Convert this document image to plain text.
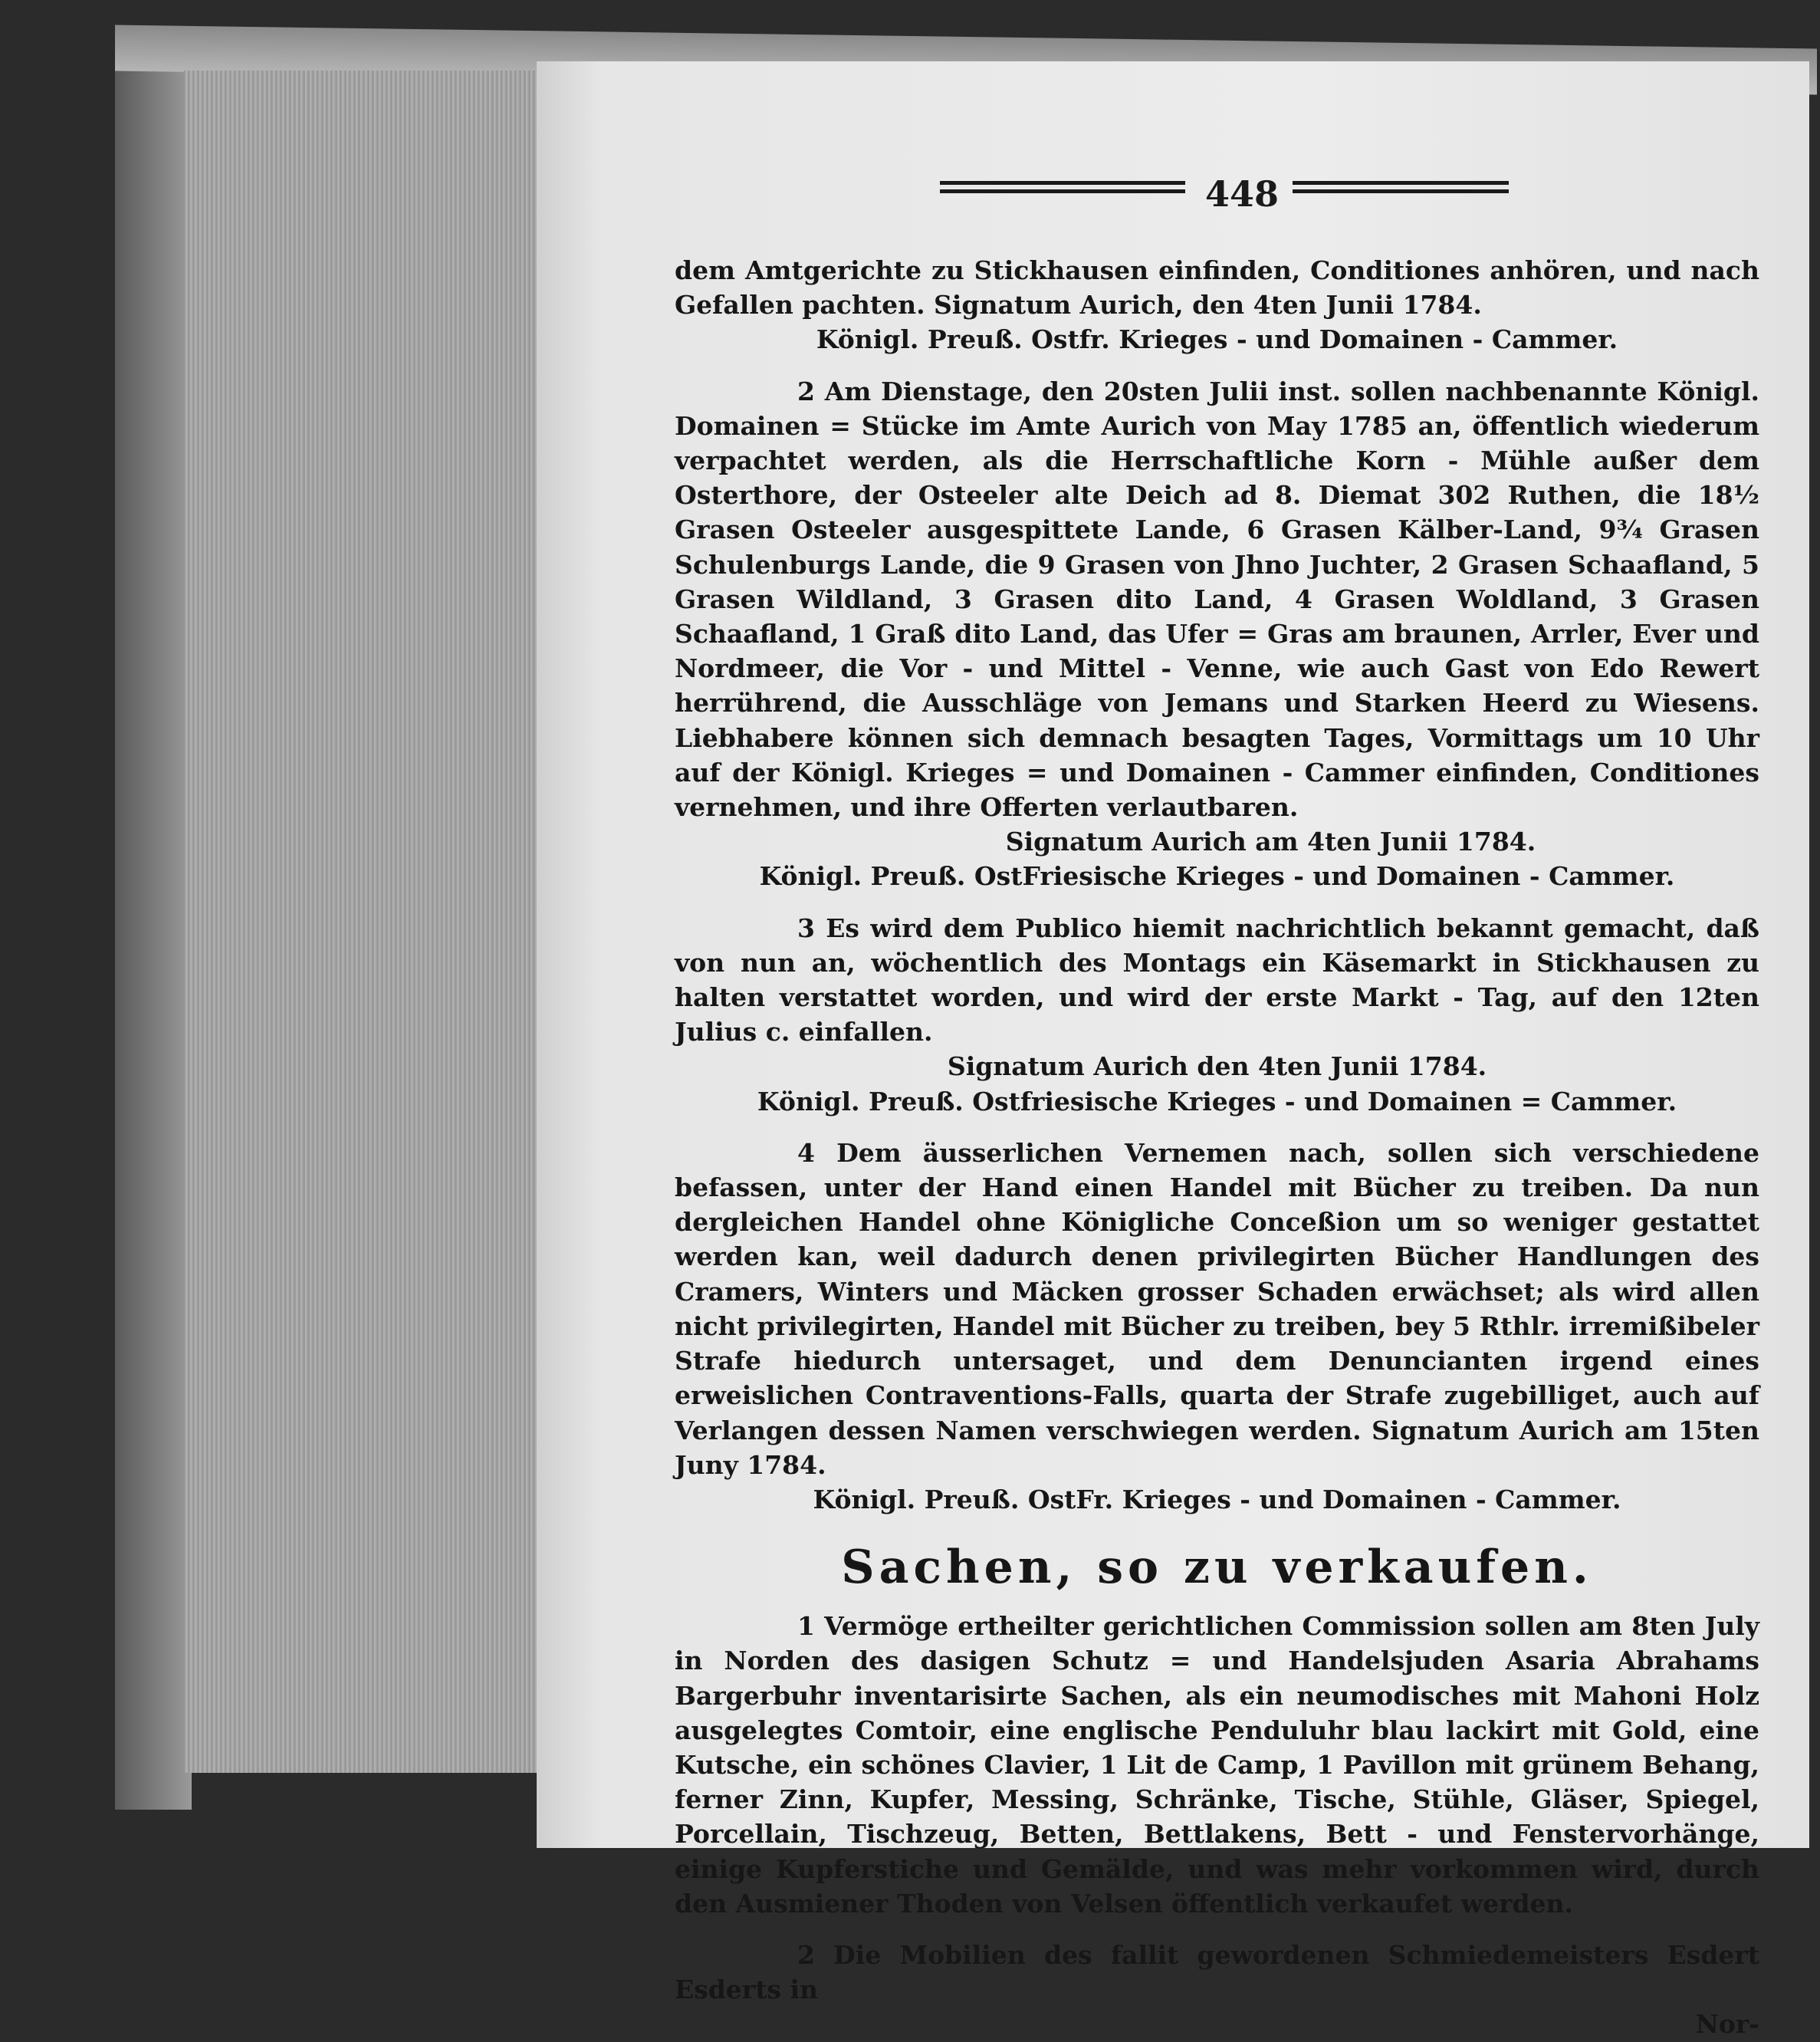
448

dem Amtgerichte zu Stickhausen einfinden, Conditiones anhören, und nach Gefallen pachten. Signatum Aurich, den 4ten Junii 1784.

Königl. Preuß. Ostfr. Krieges - und Domainen - Cammer.

2 Am Dienstage, den 20sten Julii inst. sollen nachbenannte Königl. Domainen = Stücke im Amte Aurich von May 1785 an, öffentlich wiederum verpachtet werden, als die Herrschaftliche Korn - Mühle außer dem Osterthore, der Osteeler alte Deich ad 8. Diemat 302 Ruthen, die 18½ Grasen Osteeler ausgespittete Lande, 6 Grasen Kälber-Land, 9¾ Grasen Schulenburgs Lande, die 9 Grasen von Jhno Juchter, 2 Grasen Schaafland, 5 Grasen Wildland, 3 Grasen dito Land, 4 Grasen Woldland, 3 Grasen Schaafland, 1 Graß dito Land, das Ufer = Gras am braunen, Arrler, Ever und Nordmeer, die Vor - und Mittel - Venne, wie auch Gast von Edo Rewert herrührend, die Ausschläge von Jemans und Starken Heerd zu Wiesens. Liebhabere können sich demnach besagten Tages, Vormittags um 10 Uhr auf der Königl. Krieges = und Domainen - Cammer einfinden, Conditiones vernehmen, und ihre Offerten verlautbaren.

Signatum Aurich am 4ten Junii 1784.

Königl. Preuß. OstFriesische Krieges - und Domainen - Cammer.

3 Es wird dem Publico hiemit nachrichtlich bekannt gemacht, daß von nun an, wöchentlich des Montags ein Käsemarkt in Stickhausen zu halten verstattet worden, und wird der erste Markt - Tag, auf den 12ten Julius c. einfallen.

Signatum Aurich den 4ten Junii 1784.

Königl. Preuß. Ostfriesische Krieges - und Domainen = Cammer.

4 Dem äusserlichen Vernemen nach, sollen sich verschiedene befassen, unter der Hand einen Handel mit Bücher zu treiben. Da nun dergleichen Handel ohne Königliche Conceßion um so weniger gestattet werden kan, weil dadurch denen privilegirten Bücher Handlungen des Cramers, Winters und Mäcken grosser Schaden erwächset; als wird allen nicht privilegirten, Handel mit Bücher zu treiben, bey 5 Rthlr. irremißibeler Strafe hiedurch untersaget, und dem Denuncianten irgend eines erweislichen Contraventions-Falls, quarta der Strafe zugebilliget, auch auf Verlangen dessen Namen verschwiegen werden. Signatum Aurich am 15ten Juny 1784.

Königl. Preuß. OstFr. Krieges - und Domainen - Cammer.

Sachen, so zu verkaufen.

1 Vermöge ertheilter gerichtlichen Commission sollen am 8ten July in Norden des dasigen Schutz = und Handelsjuden Asaria Abrahams Bargerbuhr inventarisirte Sachen, als ein neumodisches mit Mahoni Holz ausgelegtes Comtoir, eine englische Penduluhr blau lackirt mit Gold, eine Kutsche, ein schönes Clavier, 1 Lit de Camp, 1 Pavillon mit grünem Behang, ferner Zinn, Kupfer, Messing, Schränke, Tische, Stühle, Gläser, Spiegel, Porcellain, Tischzeug, Betten, Bettlakens, Bett - und Fenstervorhänge, einige Kupferstiche und Gemälde, und was mehr vorkommen wird, durch den Ausmiener Thoden von Velsen öffentlich verkaufet werden.

2 Die Mobilien des fallit gewordenen Schmiedemeisters Esdert Esderts in

Nor-
